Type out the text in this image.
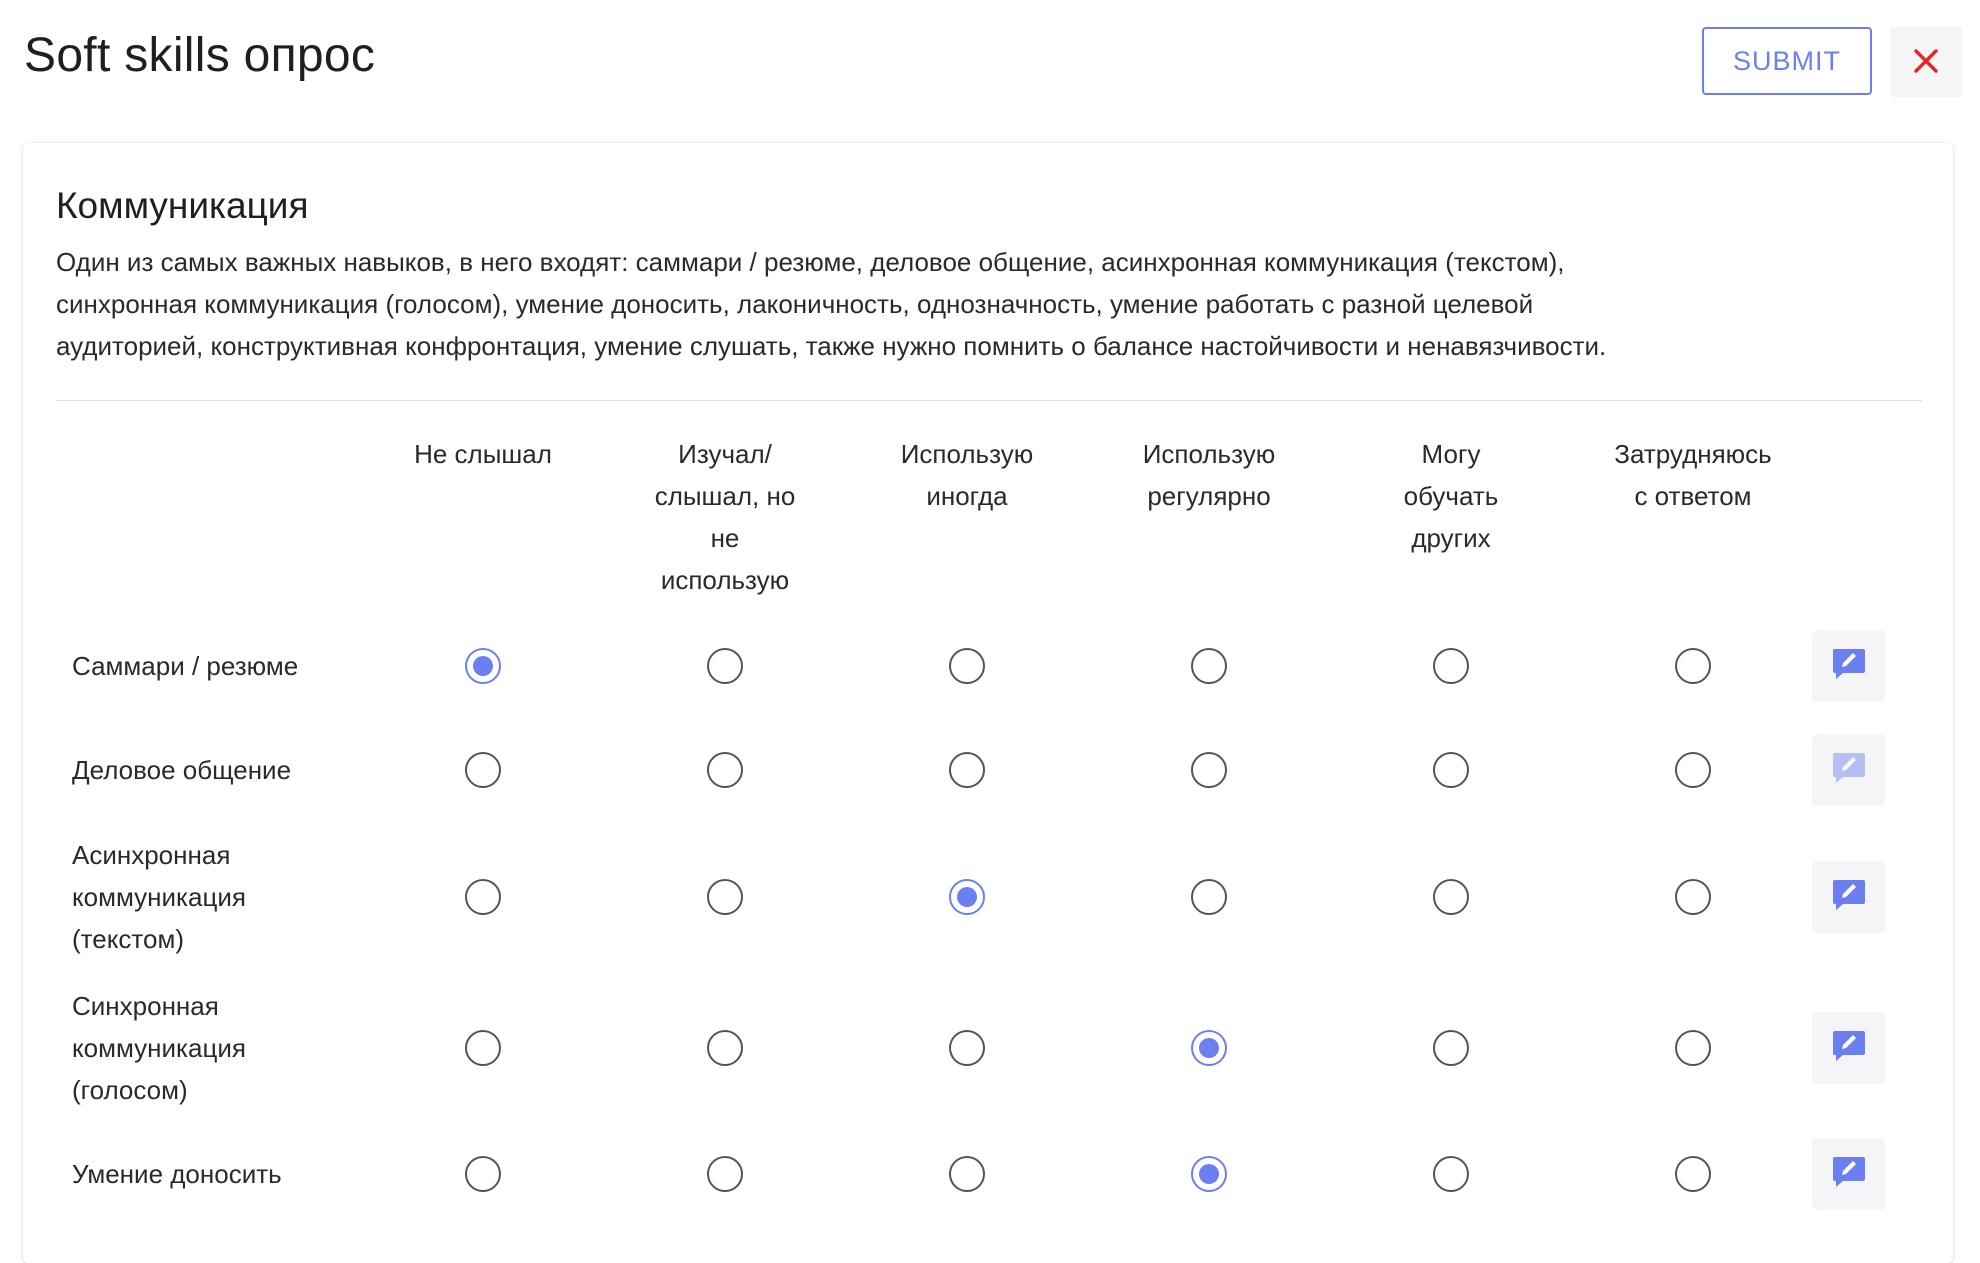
Soft skills опрос	SUBMIT
Коммуникация
Один из самых важных навыков, в него входят: саммари / резюме, деловое общение, асинхронная коммуникация (текстом),
синхронная коммуникация (голосом), умение доносить, лаконичность, однозначность, умение работать с разной целевой
аудиторией, конструктивная конфронтация, умение слушать, также нужно помнить о балансе настойчивости и ненавязчивости.
Не слышал	Изучал/
слышал, но
не
использую
Использую
иногда
Использую
регулярно
Могу
обучать
других
Затрудняюсь
с ответом
Саммари / резюме
Деловое общение
Асинхронная
коммуникация
(текстом)
Синхронная
коммуникация
(голосом)
Умение доносить
